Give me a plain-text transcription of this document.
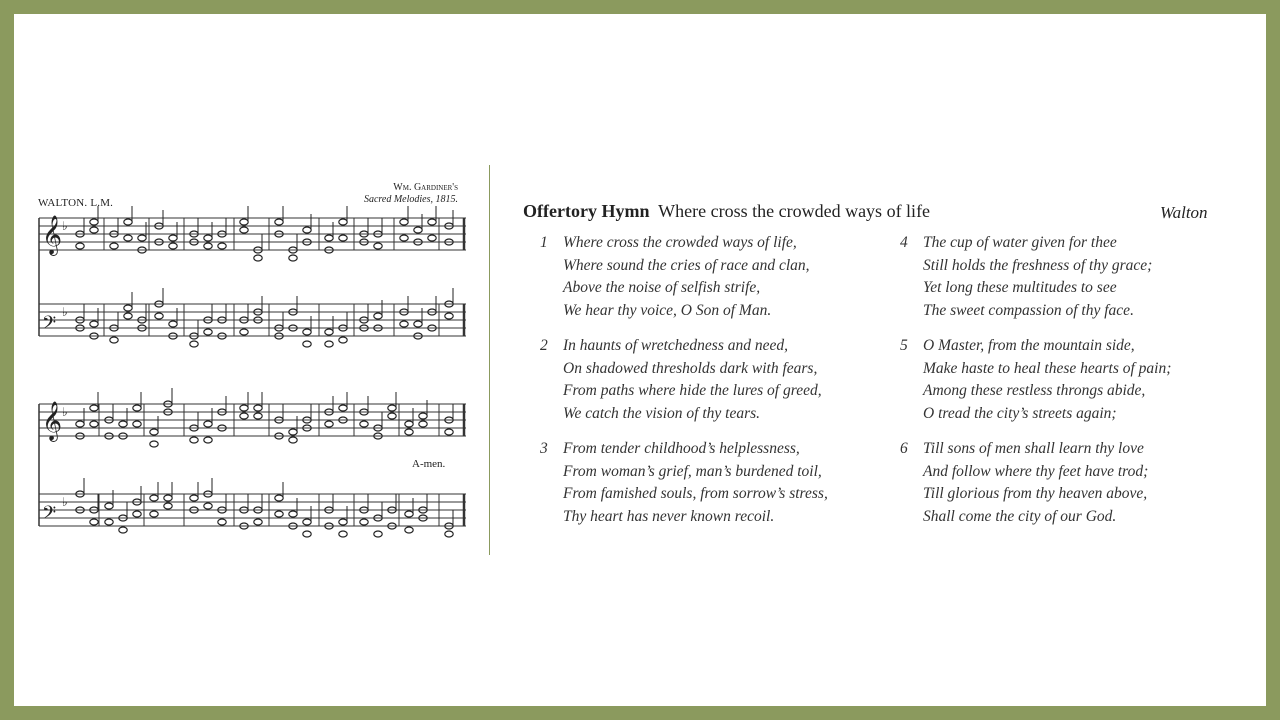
𝄞 ♭
𝄢
♭
𝄞 ♭
𝄢
♭
WALTON. L.M.
Wm. Gardiner's
Sacred Melodies, 1815.
A-men.
Offertory Hymn Where cross the crowded ways of life	Walton
1 Where cross the crowded ways of life,
Where sound the cries of race and clan,
Above the noise of selfish strife,
We hear thy voice, O Son of Man.
2 In haunts of wretchedness and need,
On shadowed thresholds dark with fears,
From paths where hide the lures of greed,
We catch the vision of thy tears.
3 From tender childhood’s helplessness,
From woman’s grief, man’s burdened toil,
From famished souls, from sorrow’s stress,
Thy heart has never known recoil.
4 The cup of water given for thee
Still holds the freshness of thy grace;
Yet long these multitudes to see
The sweet compassion of thy face.
5 O Master, from the mountain side,
Make haste to heal these hearts of pain;
Among these restless throngs abide,
O tread the city’s streets again;
6 Till sons of men shall learn thy love
And follow where thy feet have trod;
Till glorious from thy heaven above,
Shall come the city of our God.
